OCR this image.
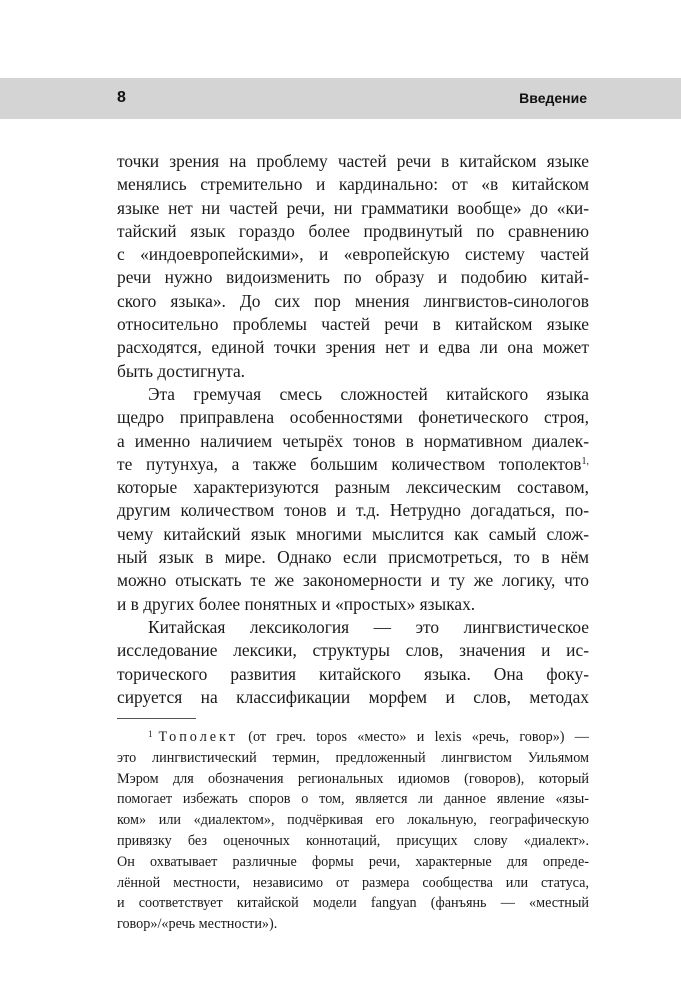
8	Введение
точки зрения на проблему частей речи в китайском языке
менялись стремительно и кардинально: от «в китайском
языке нет ни частей речи, ни грамматики вообще» до «ки-
тайский язык гораздо более продвинутый по сравнению
с «индоевропейскими», и «европейскую систему частей
речи нужно видоизменить по образу и подобию китай-
ского языка». До сих пор мнения лингвистов-синологов
относительно проблемы частей речи в китайском языке
расходятся, единой точки зрения нет и едва ли она может
быть достигнута.
Эта гремучая смесь сложностей китайского языка
щедро приправлена особенностями фонетического строя,
а именно наличием четырёх тонов в нормативном диалек-
те путунхуа, а также большим количеством тополектов$^{1,}$
которые характеризуются разным лексическим составом,
другим количеством тонов и т.д. Нетрудно догадаться, по-
чему китайский язык многими мыслится как самый слож-
ный язык в мире. Однако если присмотреться, то в нём
можно отыскать те же закономерности и ту же логику, что
и в других более понятных и «простых» языках.
Китайская лексикология — это лингвистическое
исследование лексики, структуры слов, значения и ис-
торического развития китайского языка. Она фоку-
сируется на классификации морфем и слов, методах
$^1$ Тополект (от греч. topos «место» и lexis «речь, говор») —
это лингвистический термин, предложенный лингвистом Уильямом
Мэром для обозначения региональных идиомов (говоров), который
помогает избежать споров о том, является ли данное явление «язы-
ком» или «диалектом», подчёркивая его локальную, географическую
привязку без оценочных коннотаций, присущих слову «диалект».
Он охватывает различные формы речи, характерные для опреде-
лённой местности, независимо от размера сообщества или статуса,
и соответствует китайской модели fangyan (фанъянь — «местный
говор»/«речь местности»).
